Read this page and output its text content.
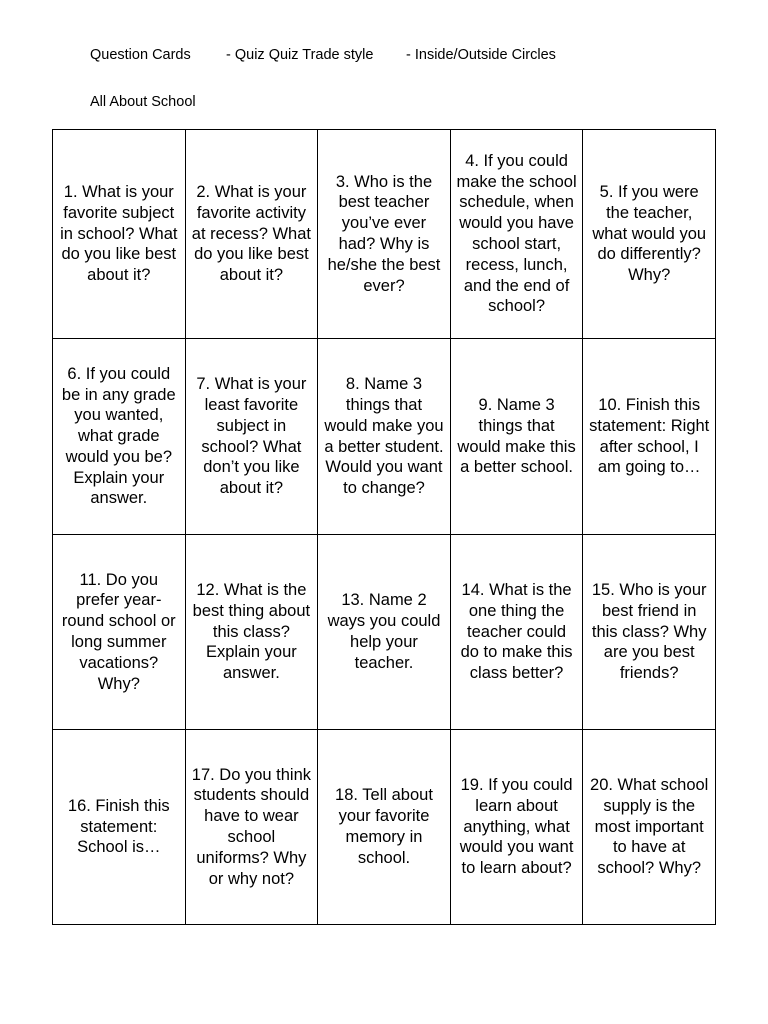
Question Cards - Quiz Quiz Trade style - Inside/Outside Circles
All About School
1. What is your favorite subject in school? What do you like best about it?	2. What is your favorite activity at recess? What do you like best about it?	3. Who is the best teacher you’ve ever had? Why is he/she the best ever?	4. If you could make the school schedule, when would you have school start, recess, lunch, and the end of school?	5. If you were the teacher, what would you do differently? Why?
6. If you could be in any grade you wanted, what grade would you be? Explain your answer.	7. What is your least favorite subject in school? What don’t you like about it?	8. Name 3 things that would make you a better student. Would you want to change?	9. Name 3 things that would make this a better school.	10. Finish this statement: Right after school, I am going to…
11. Do you prefer year-round school or long summer vacations? Why?	12. What is the best thing about this class? Explain your answer.	13. Name 2 ways you could help your teacher.	14. What is the one thing the teacher could do to make this class better?	15. Who is your best friend in this class? Why are you best friends?
16. Finish this statement: School is…	17. Do you think students should have to wear school uniforms? Why or why not?	18. Tell about your favorite memory in school.	19. If you could learn about anything, what would you want to learn about?	20. What school supply is the most important to have at school? Why?
